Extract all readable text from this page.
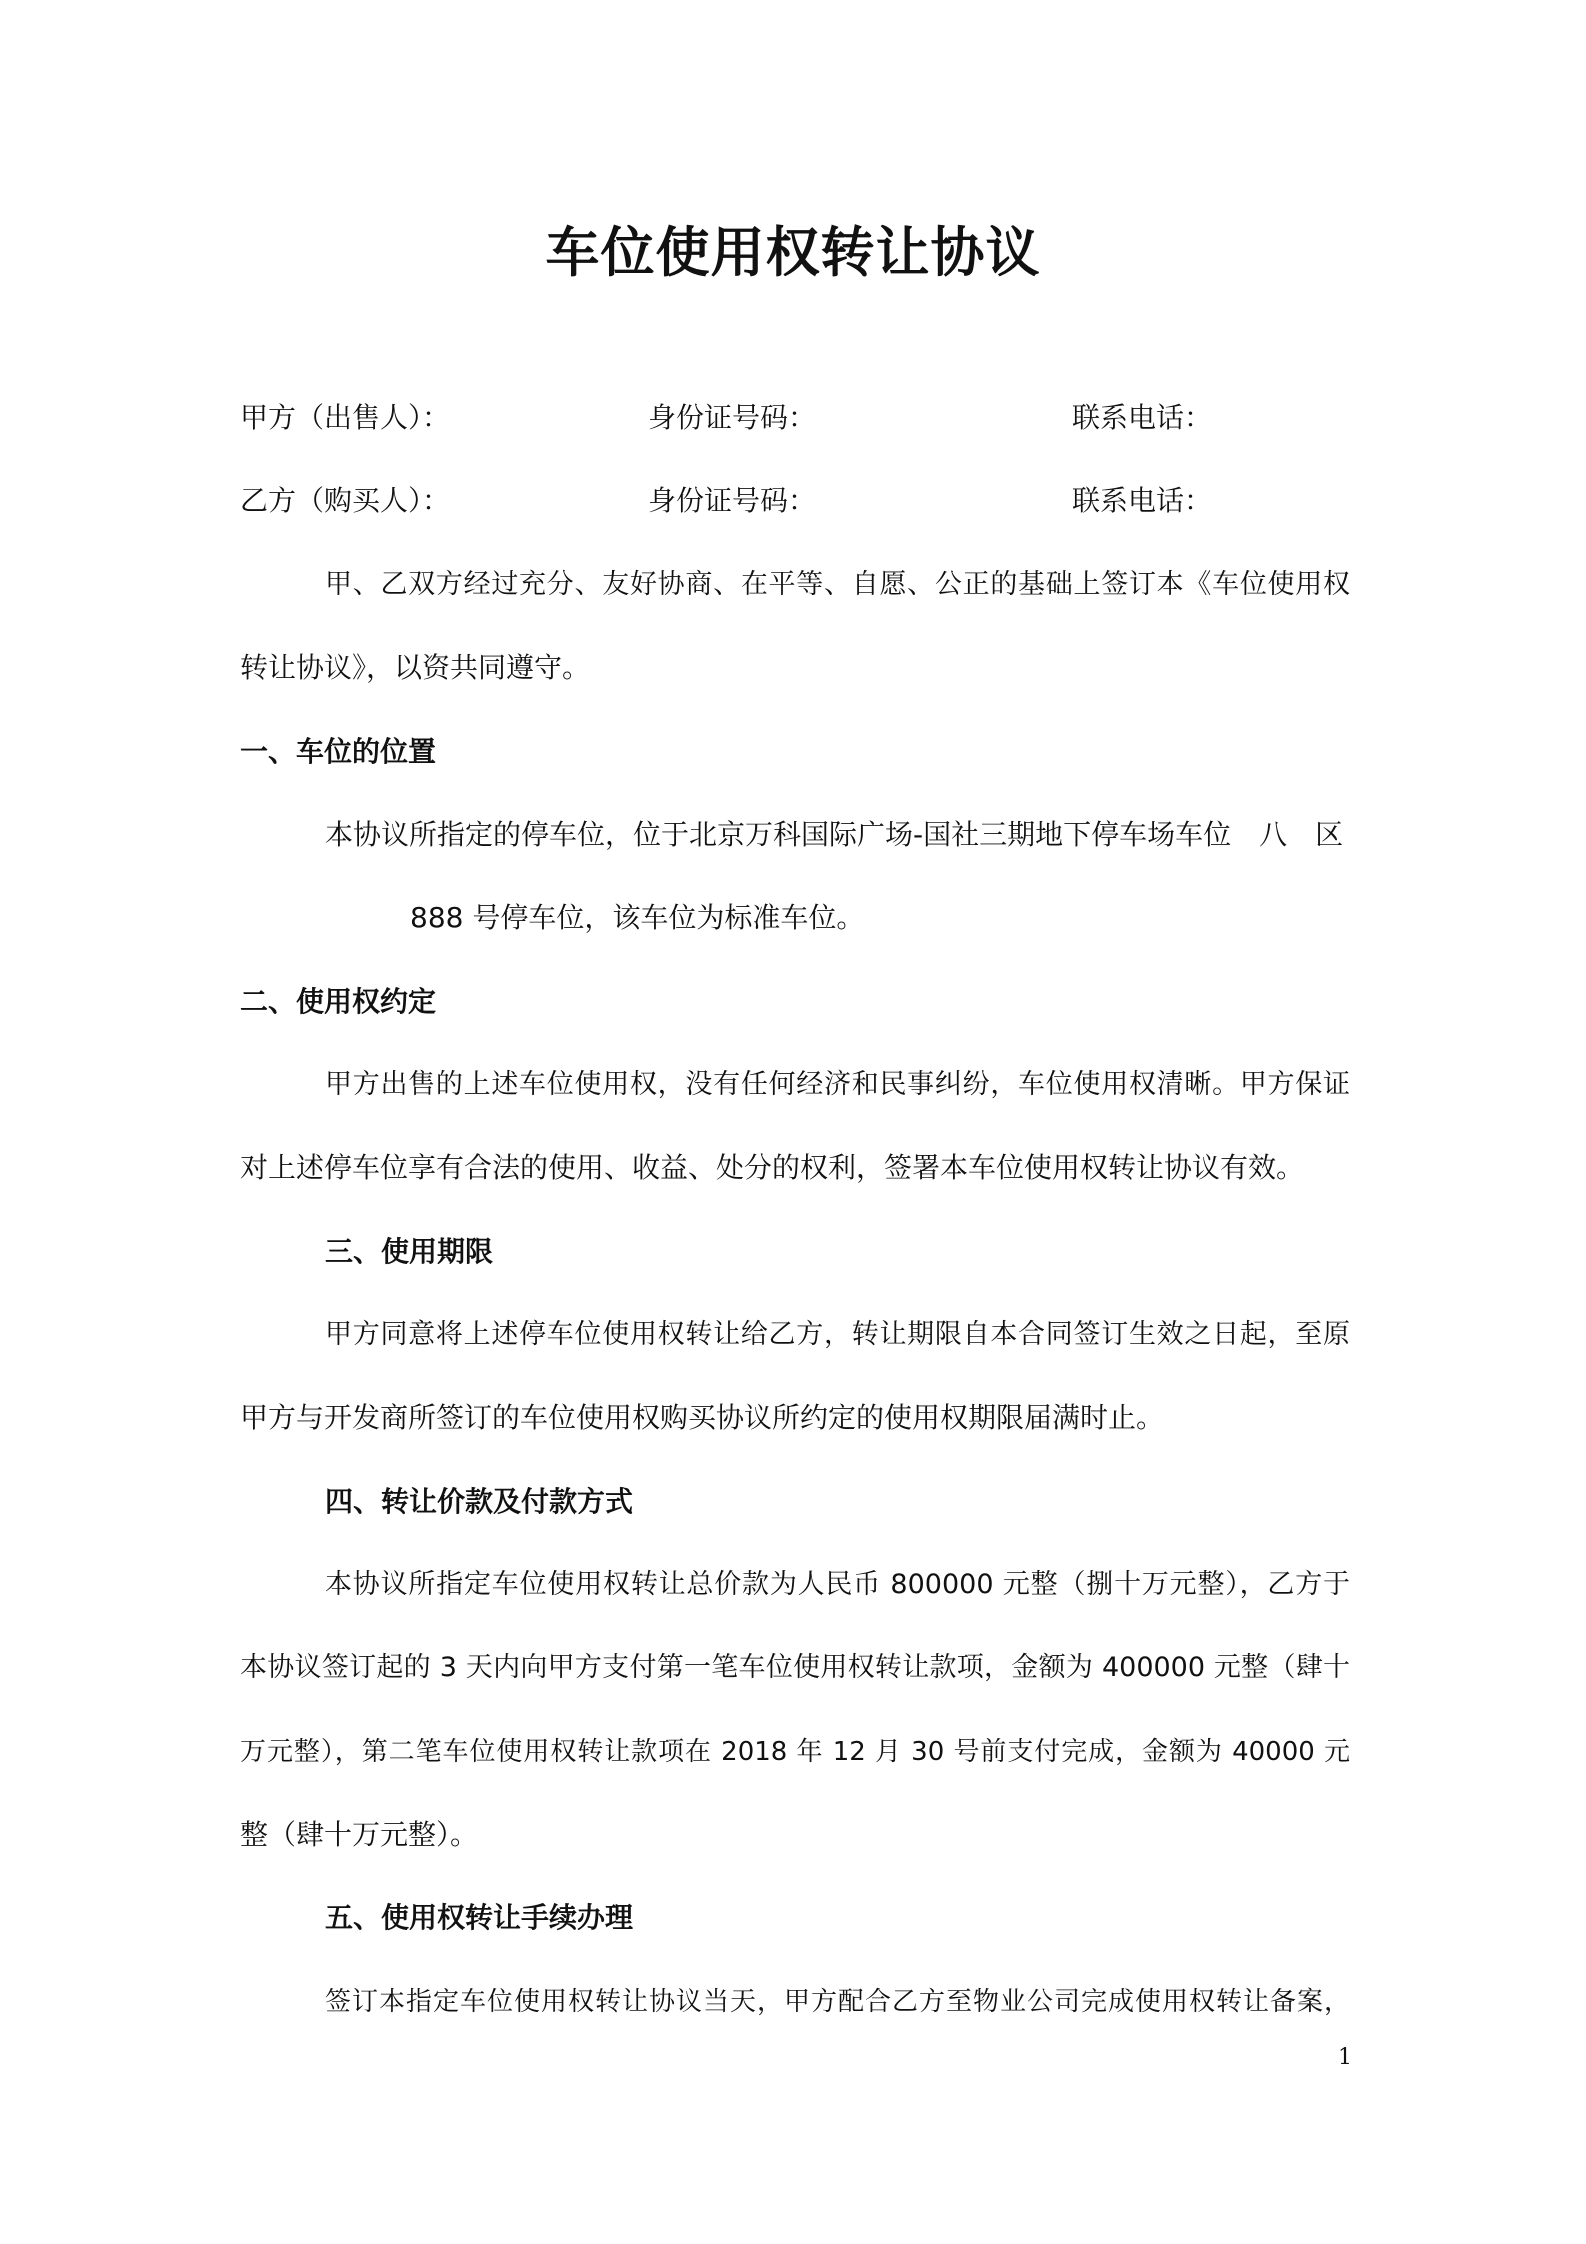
车位使用权转让协议
甲方（出售人）：	身份证号码：	联系电话：
乙方（购买人）：	身份证号码：	联系电话：
甲、乙双方经过充分、友好协商、在平等、自愿、公正的基础上签订本《车位使用权
转让协议》，以资共同遵守。
一、车位的位置
本协议所指定的停车位，位于北京万科国际广场-国社三期地下停车场车位　八　区
888 号停车位，该车位为标准车位。
二、使用权约定
甲方出售的上述车位使用权，没有任何经济和民事纠纷，车位使用权清晰。甲方保证
对上述停车位享有合法的使用、收益、处分的权利，签署本车位使用权转让协议有效。
三、使用期限
甲方同意将上述停车位使用权转让给乙方，转让期限自本合同签订生效之日起，至原
甲方与开发商所签订的车位使用权购买协议所约定的使用权期限届满时止。
四、转让价款及付款方式
本协议所指定车位使用权转让总价款为人民币 800000 元整（捌十万元整），乙方于
本协议签订起的 3 天内向甲方支付第一笔车位使用权转让款项，金额为 400000 元整（肆十
万元整），第二笔车位使用权转让款项在 2018 年 12 月 30 号前支付完成，金额为 40000 元
整（肆十万元整）。
五、使用权转让手续办理
签订本指定车位使用权转让协议当天，甲方配合乙方至物业公司完成使用权转让备案，
1
